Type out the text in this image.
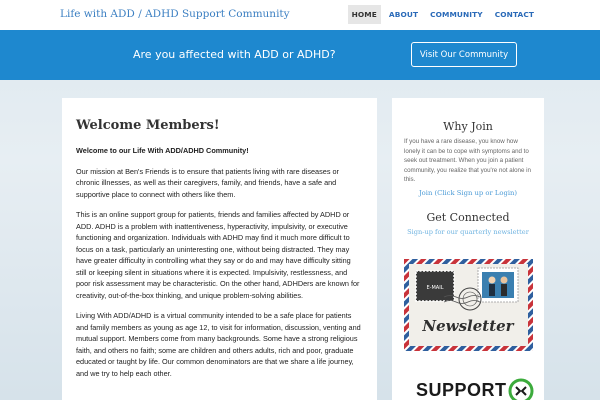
Life with ADD / ADHD Support Community	HOME	ABOUT	COMMUNITY	CONTACT
Are you affected with ADD or ADHD?	Visit Our Community
Welcome Members!

Welcome to our Life With ADD/ADHD Community!

Our mission at Ben's Friends is to ensure that patients living with rare diseases or chronic illnesses, as well as their caregivers, family, and friends, have a safe and supportive place to connect with others like them.

This is an online support group for patients, friends and families affected by ADHD or ADD. ADHD is a problem with inattentiveness, hyperactivity, impulsivity, or executive functioning and organization. Individuals with ADHD may find it much more difficult to focus on a task, particularly an uninteresting one, without being distracted. They may have greater difficulty in controlling what they say or do and may have difficulty sitting still or keeping silent in situations where it is expected. Impulsivity, restlessness, and poor risk assessment may be characteristic. On the other hand, ADHDers are known for creativity, out-of-the-box thinking, and unique problem-solving abilities.

Living With ADD/ADHD is a virtual community intended to be a safe place for patients and family members as young as age 12, to visit for information, discussion, venting and mutual support. Members come from many backgrounds. Some have a strong religious faith, and others no faith; some are children and others adults, rich and poor, graduate educated or taught by life. Our common denominators are that we share a life journey, and we try to help each other.

Why Join
If you have a rare disease, you know how lonely it can be to cope with symptoms and to seek out treatment. When you join a patient community, you realize that you're not alone in this.
Join (Click Sign up or Login)
Get Connected
Sign-up for our quarterly newsletter
E-MAIL
Newsletter
SUPPORT
